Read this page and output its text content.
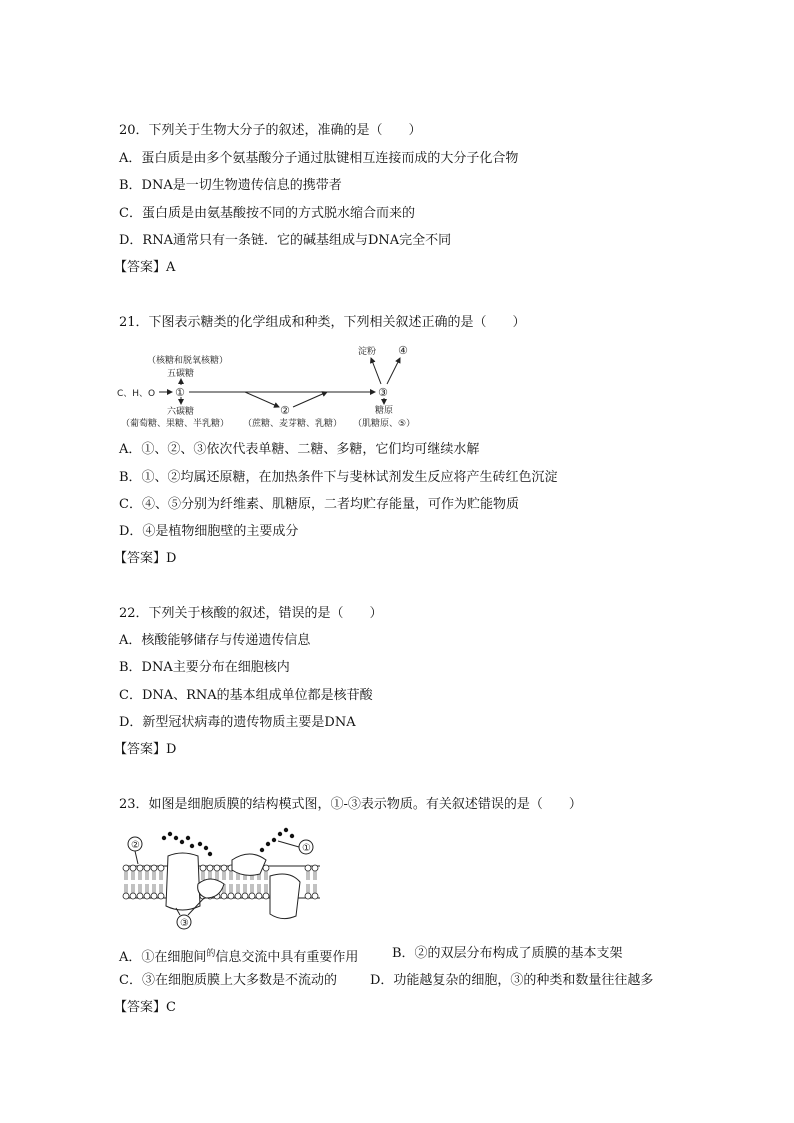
20．下列关于生物大分子的叙述，准确的是（　　）
A．蛋白质是由多个氨基酸分子通过肽键相互连接而成的大分子化合物
B．DNA是一切生物遗传信息的携带者
C．蛋白质是由氨基酸按不同的方式脱水缩合而来的
D．RNA通常只有一条链．它的碱基组成与DNA完全不同
【答案】A
21．下图表示糖类的化学组成和种类，下列相关叙述正确的是（　　）
（核糖和脱氧核糖）
五碳糖
C、H、O ①
六碳糖
（葡萄糖、果糖、半乳糖）
②
（蔗糖、麦芽糖、乳糖）
淀粉 ④
③
糖原
（肌糖原、⑤）
A．①、②、③依次代表单糖、二糖、多糖，它们均可继续水解
B．①、②均属还原糖，在加热条件下与斐林试剂发生反应将产生砖红色沉淀
C．④、⑤分别为纤维素、肌糖原，二者均贮存能量，可作为贮能物质
D．④是植物细胞壁的主要成分
【答案】D
22．下列关于核酸的叙述，错误的是（　　）
A．核酸能够储存与传递遗传信息
B．DNA主要分布在细胞核内
C．DNA、RNA的基本组成单位都是核苷酸
D．新型冠状病毒的遗传物质主要是DNA
【答案】D
23．如图是细胞质膜的结构模式图，①-③表示物质。有关叙述错误的是（　　）
②	①
③
A．①在细胞间$^的$信息交流中具有重要作用	B．②的双层分布构成了质膜的基本支架
C．③在细胞质膜上大多数是不流动的	D．功能越复杂的细胞，③的种类和数量往往越多
【答案】C
